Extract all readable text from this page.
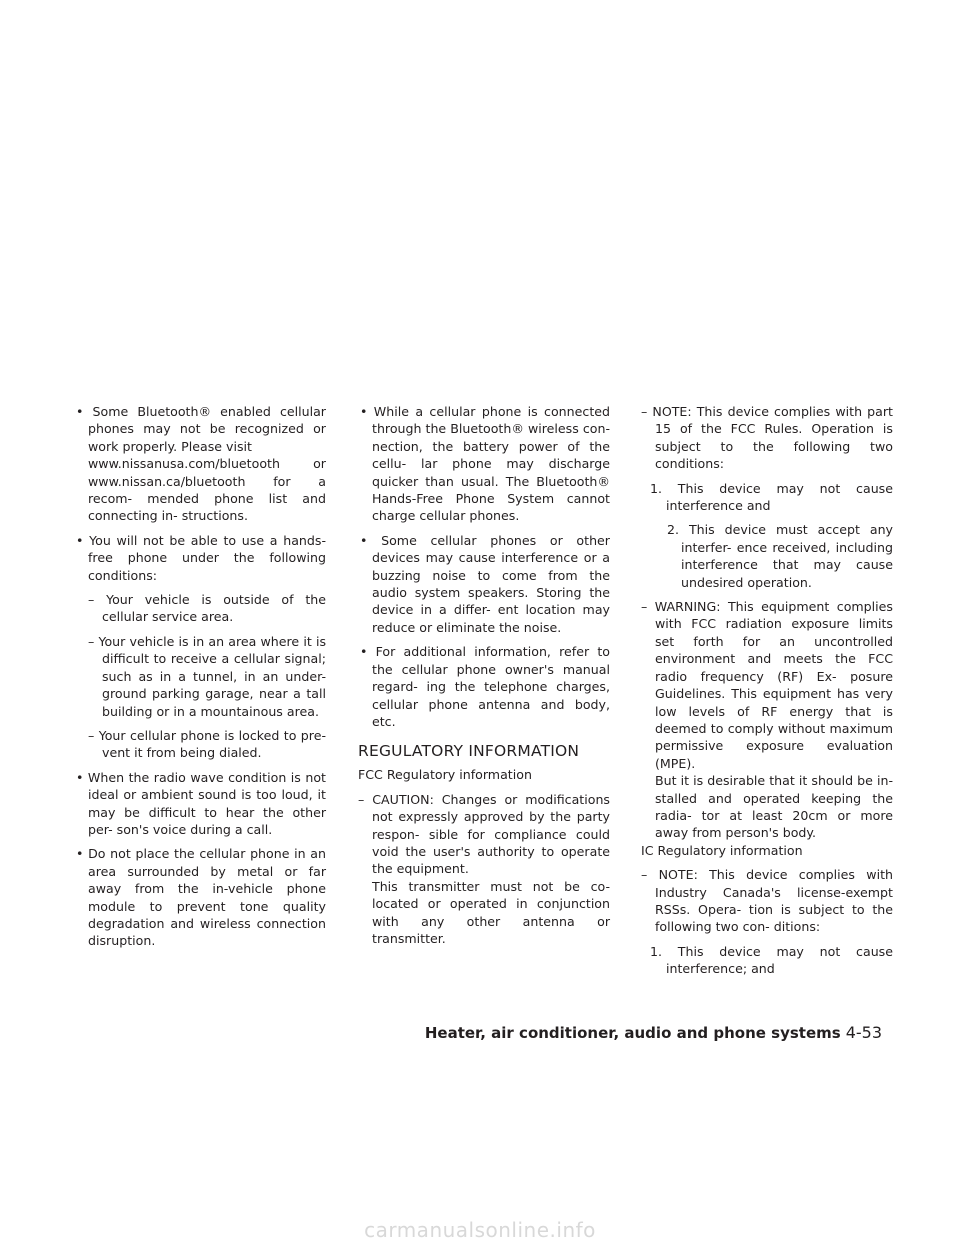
• Some Bluetooth® enabled cellular phones may not be recognized or work properly. Please visit
www.nissanusa.com/bluetooth or
www.nissan.ca/bluetooth for a recom- mended phone list and connecting in- structions.
• You will not be able to use a hands-free phone under the following conditions:
– Your vehicle is outside of the cellular service area.
– Your vehicle is in an area where it is difficult to receive a cellular signal; such as in a tunnel, in an under- ground parking garage, near a tall building or in a mountainous area.
– Your cellular phone is locked to pre- vent it from being dialed.
• When the radio wave condition is not ideal or ambient sound is too loud, it may be difficult to hear the other per- son's voice during a call.
• Do not place the cellular phone in an area surrounded by metal or far away from the in-vehicle phone module to prevent tone quality degradation and wireless connection disruption.
• While a cellular phone is connected through the Bluetooth® wireless con- nection, the battery power of the cellu- lar phone may discharge quicker than usual. The Bluetooth® Hands-Free Phone System cannot charge cellular phones.
• Some cellular phones or other devices may cause interference or a buzzing noise to come from the audio system speakers. Storing the device in a differ- ent location may reduce or eliminate the noise.
• For additional information, refer to the cellular phone owner's manual regard- ing the telephone charges, cellular phone antenna and body, etc.
REGULATORY INFORMATION
FCC Regulatory information
– CAUTION: Changes or modifications not expressly approved by the party respon- sible for compliance could void the user's authority to operate the equipment.
This transmitter must not be co-located or operated in conjunction with any other antenna or transmitter.
– NOTE: This device complies with part 15 of the FCC Rules. Operation is subject to the following two conditions:
1. This device may not cause interference and
2. This device must accept any interfer- ence received, including interference that may cause undesired operation.
– WARNING: This equipment complies with FCC radiation exposure limits set forth for an uncontrolled environment and meets the FCC radio frequency (RF) Ex- posure Guidelines. This equipment has very low levels of RF energy that is deemed to comply without maximum permissive exposure evaluation (MPE).
But it is desirable that it should be in- stalled and operated keeping the radia- tor at least 20cm or more away from person's body.
IC Regulatory information
– NOTE: This device complies with Industry Canada's license-exempt RSSs. Opera- tion is subject to the following two con- ditions:
1. This device may not cause interference; and
Heater, air conditioner, audio and phone systems 4-53
carmanualsonline.info
